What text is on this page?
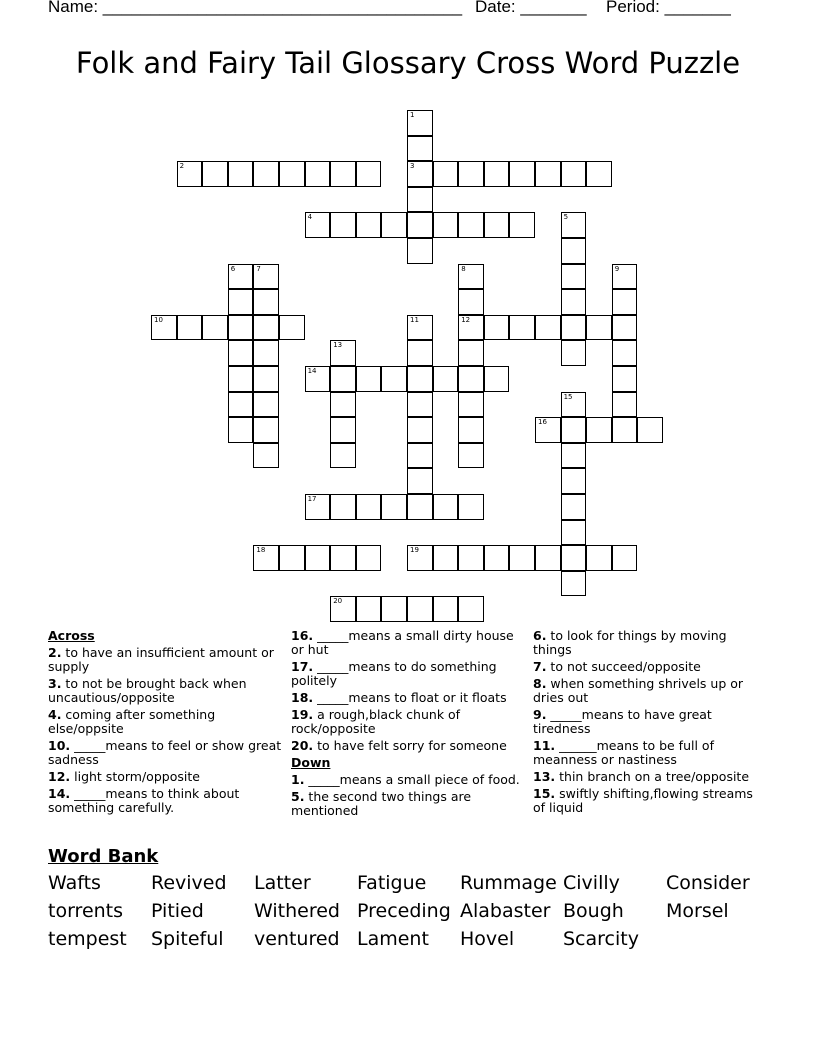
Name: ______________________________________ Date: _______ Period: _______
Folk and Fairy Tail Glossary Cross Word Puzzle
1
2	3
4	5
6	7	8	9
10	11	12
13
14
15
16
17
18	19
20
Across
2. to have an insufficient amount or supply
3. to not be brought back when uncautious/opposite
4. coming after something else/oppsite
10. _____means to feel or show great sadness
12. light storm/opposite
14. _____means to think about something carefully.
16. _____means a small dirty house or hut
17. _____means to do something politely
18. _____means to float or it floats
19. a rough,black chunk of rock/opposite
20. to have felt sorry for someone
Down
1. _____means a small piece of food.
5. the second two things are mentioned
6. to look for things by moving things
7. to not succeed/opposite
8. when something shrivels up or dries out
9. _____means to have great tiredness
11. ______means to be full of meanness or nastiness
13. thin branch on a tree/opposite
15. swiftly shifting,flowing streams of liquid
Word Bank
Wafts	Revived Latter Fatigue Rummage Civilly Consider
torrents Pitied	Withered Preceding Alabaster Bough Morsel
tempest Spiteful ventured Lament Hovel	Scarcity
